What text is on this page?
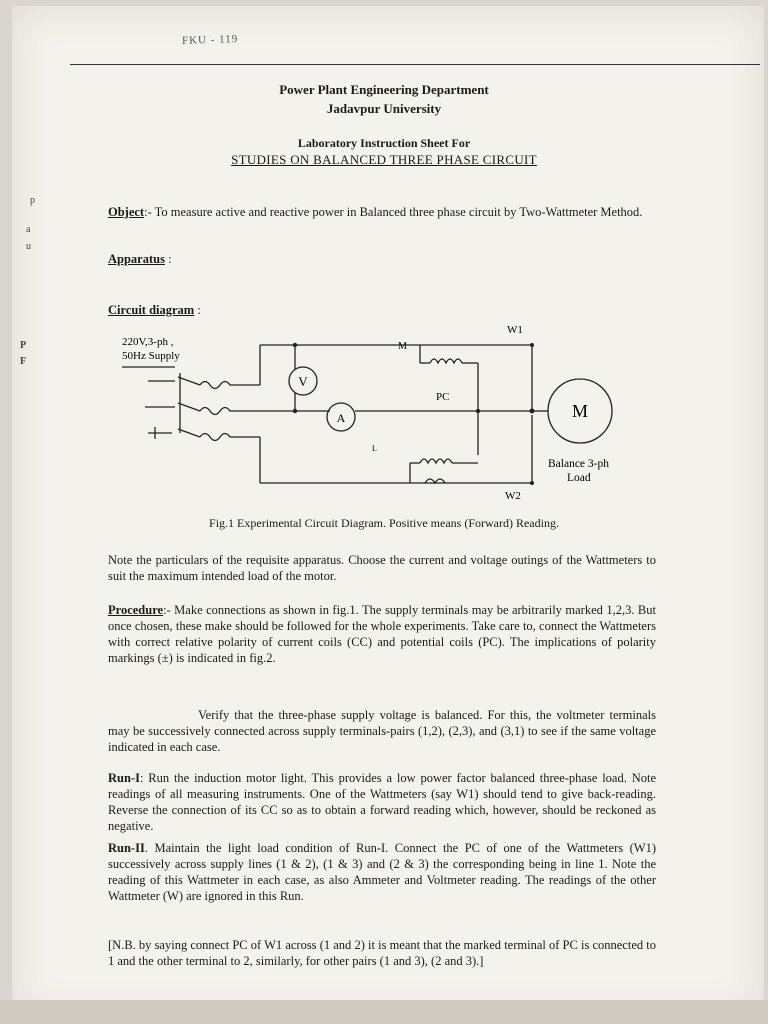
FKU - 119
Power Plant Engineering Department
Jadavpur University
Laboratory Instruction Sheet For
STUDIES ON BALANCED THREE PHASE CIRCUIT
p
a
u
P
F
Object:- To measure active and reactive power in Balanced three phase circuit by Two-Wattmeter Method.
Apparatus :
Circuit diagram :
220V,3-ph ,
50Hz Supply
V
A	M
PC
W1
W2
M
L
Balance 3-ph
Load
Fig.1 Experimental Circuit Diagram. Positive means (Forward) Reading.
Note the particulars of the requisite apparatus. Choose the current and voltage outings of the Wattmeters to suit the maximum intended load of the motor.
Procedure:- Make connections as shown in fig.1. The supply terminals may be arbitrarily marked 1,2,3. But once chosen, these make should be followed for the whole experiments. Take care to, connect the Wattmeters with correct relative polarity of current coils (CC) and potential coils (PC). The implications of polarity markings (±) is indicated in fig.2.
Verify that the three-phase supply voltage is balanced. For this, the voltmeter terminals may be successively connected across supply terminals-pairs (1,2), (2,3), and (3,1) to see if the same voltage indicated in each case.
Run-I: Run the induction motor light. This provides a low power factor balanced three-phase load. Note readings of all measuring instruments. One of the Wattmeters (say W1) should tend to give back-reading. Reverse the connection of its CC so as to obtain a forward reading which, however, should be reckoned as negative.
Run-II. Maintain the light load condition of Run-I. Connect the PC of one of the Wattmeters (W1) successively across supply lines (1 & 2), (1 & 3) and (2 & 3) the corresponding being in line 1. Note the reading of this Wattmeter in each case, as also Ammeter and Voltmeter reading. The readings of the other Wattmeter (W) are ignored in this Run.
[N.B. by saying connect PC of W1 across (1 and 2) it is meant that the marked terminal of PC is connected to 1 and the other terminal to 2, similarly, for other pairs (1 and 3), (2 and 3).]
